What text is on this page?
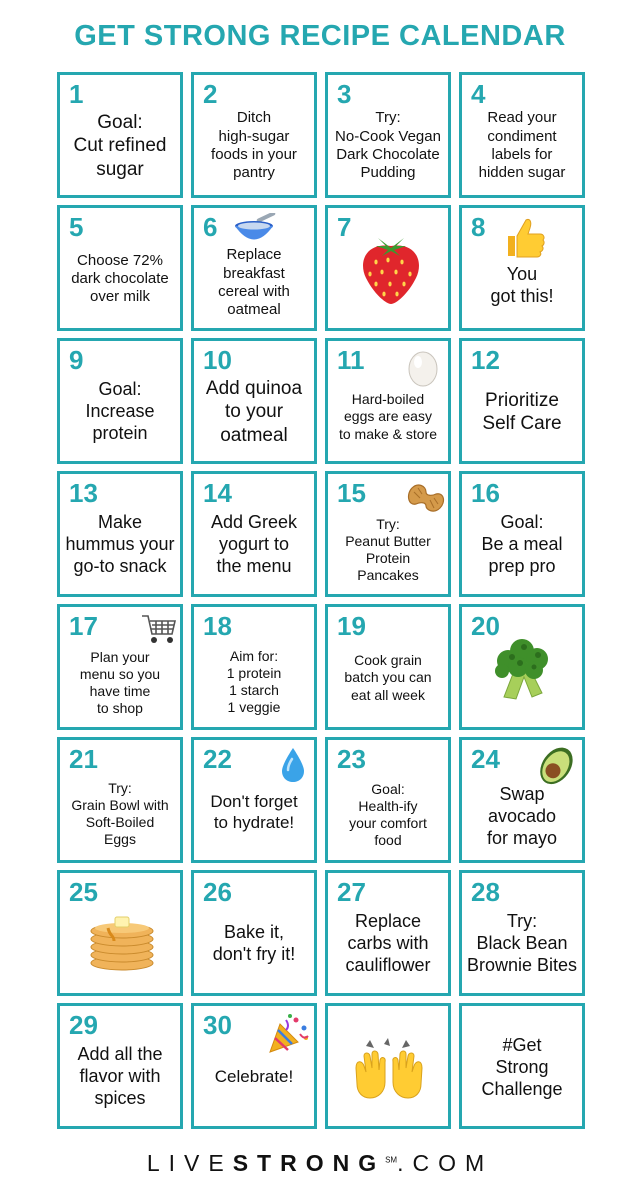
GET STRONG RECIPE CALENDAR
1
Goal:
Cut refined
sugar
2
Ditch
high-sugar
foods in your
pantry
3
Try:
No-Cook Vegan
Dark Chocolate
Pudding
4
Read your
condiment
labels for
hidden sugar
5
Choose 72%
dark chocolate
over milk
6
Replace
breakfast
cereal with
oatmeal
7	8
You
got this!
9
Goal:
Increase
protein
10
Add quinoa
to your
oatmeal
11
Hard-boiled
eggs are easy
to make & store
12
Prioritize
Self Care
13
Make
hummus your
go-to snack
14
Add Greek
yogurt to
the menu
15
Try:
Peanut Butter
Protein
Pancakes
16
Goal:
Be a meal
prep pro
17
Plan your
menu so you
have time
to shop
18
Aim for:
1 protein
1 starch
1 veggie
19
Cook grain
batch you can
eat all week
20
21
Try:
Grain Bowl with
Soft-Boiled
Eggs
22
Don't forget
to hydrate!
23
Goal:
Health-ify
your comfort
food
24
Swap
avocado
for mayo
25	26
Bake it,
don't fry it!
27
Replace
carbs with
cauliflower
28
Try:
Black Bean
Brownie Bites
29
Add all the
flavor with
spices
30
Celebrate!
#Get
Strong
Challenge
LIVESTRONG℠.COM
